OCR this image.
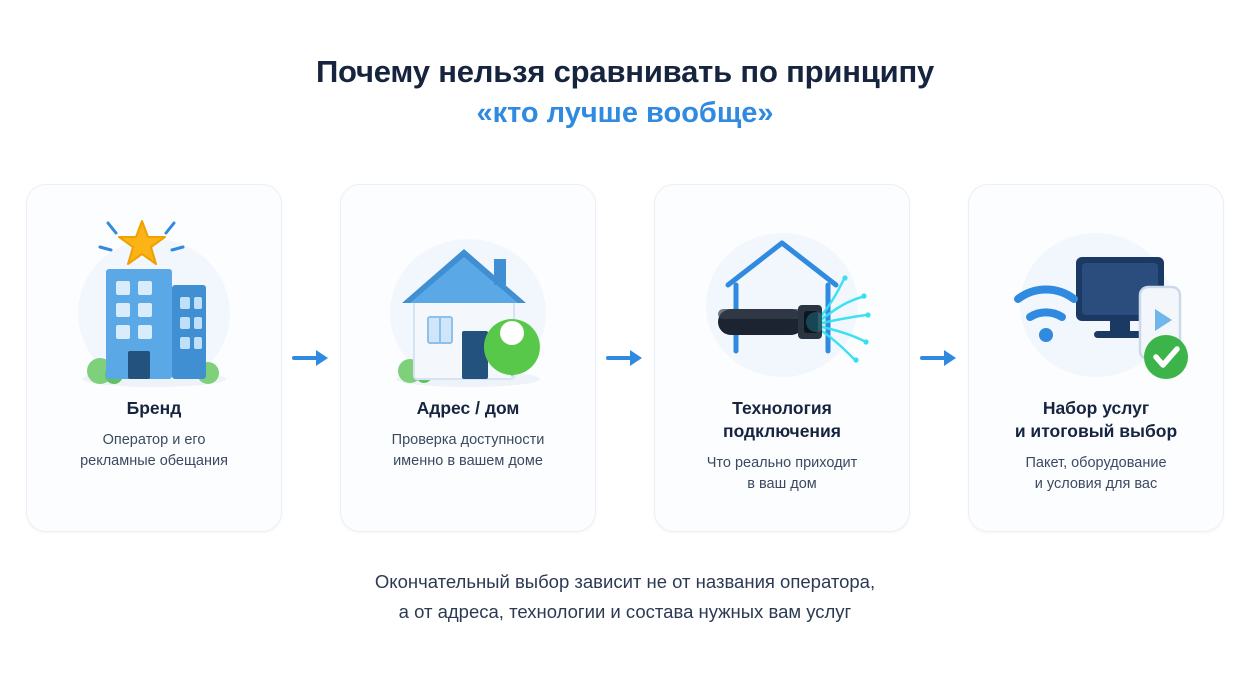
Почему нельзя сравнивать по принципу
«кто лучше вообще»
Бренд
Оператор и его
рекламные обещания
Адрес / дом
Проверка доступности
именно в вашем доме
Технология
подключения
Что реально приходит
в ваш дом
Набор услуг
и итоговый выбор
Пакет, оборудование
и условия для вас
Окончательный выбор зависит не от названия оператора,
а от адреса, технологии и состава нужных вам услуг
